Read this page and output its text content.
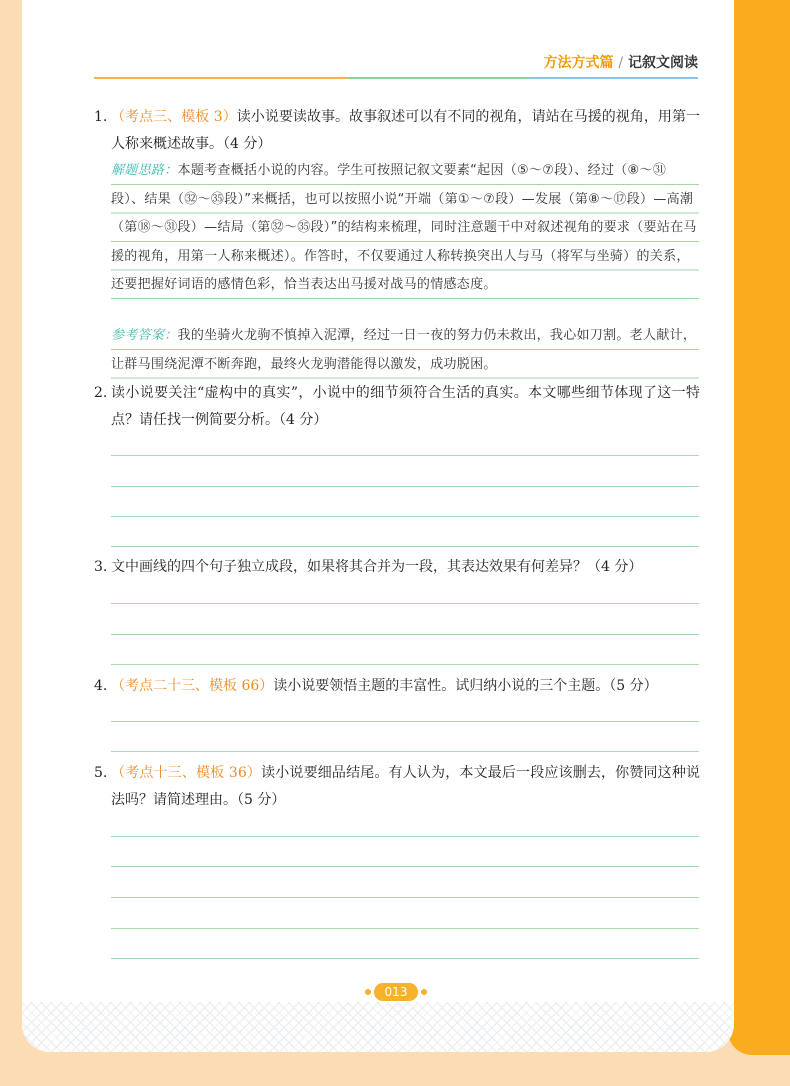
方法方式篇 / 记叙文阅读
1. （考点三、模板 3）读小说要读故事。故事叙述可以有不同的视角，请站在马援的视角，用第一人称来概述故事。（4 分）
解题思路：本题考查概括小说的内容。学生可按照记叙文要素“起因（⑤～⑦段）、经过（⑧～㉛段）、结果（㉜～㉟段）”来概括，也可以按照小说“开端（第①～⑦段）—发展（第⑧～⑰段）—高潮（第⑱～㉛段）—结局（第㉜～㉟段）”的结构来梳理，同时注意题干中对叙述视角的要求（要站在马援的视角，用第一人称来概述）。作答时，不仅要通过人称转换突出人与马（将军与坐骑）的关系，还要把握好词语的感情色彩，恰当表达出马援对战马的情感态度。
参考答案：我的坐骑火龙驹不慎掉入泥潭，经过一日一夜的努力仍未救出，我心如刀割。老人献计，让群马围绕泥潭不断奔跑，最终火龙驹潜能得以激发，成功脱困。
2. 读小说要关注“虚构中的真实”，小说中的细节须符合生活的真实。本文哪些细节体现了这一特点？请任找一例简要分析。（4 分）
3. 文中画线的四个句子独立成段，如果将其合并为一段，其表达效果有何差异？（4 分）
4. （考点二十三、模板 66）读小说要领悟主题的丰富性。试归纳小说的三个主题。（5 分）
5. （考点十三、模板 36）读小说要细品结尾。有人认为，本文最后一段应该删去，你赞同这种说法吗？请简述理由。（5 分）
013
